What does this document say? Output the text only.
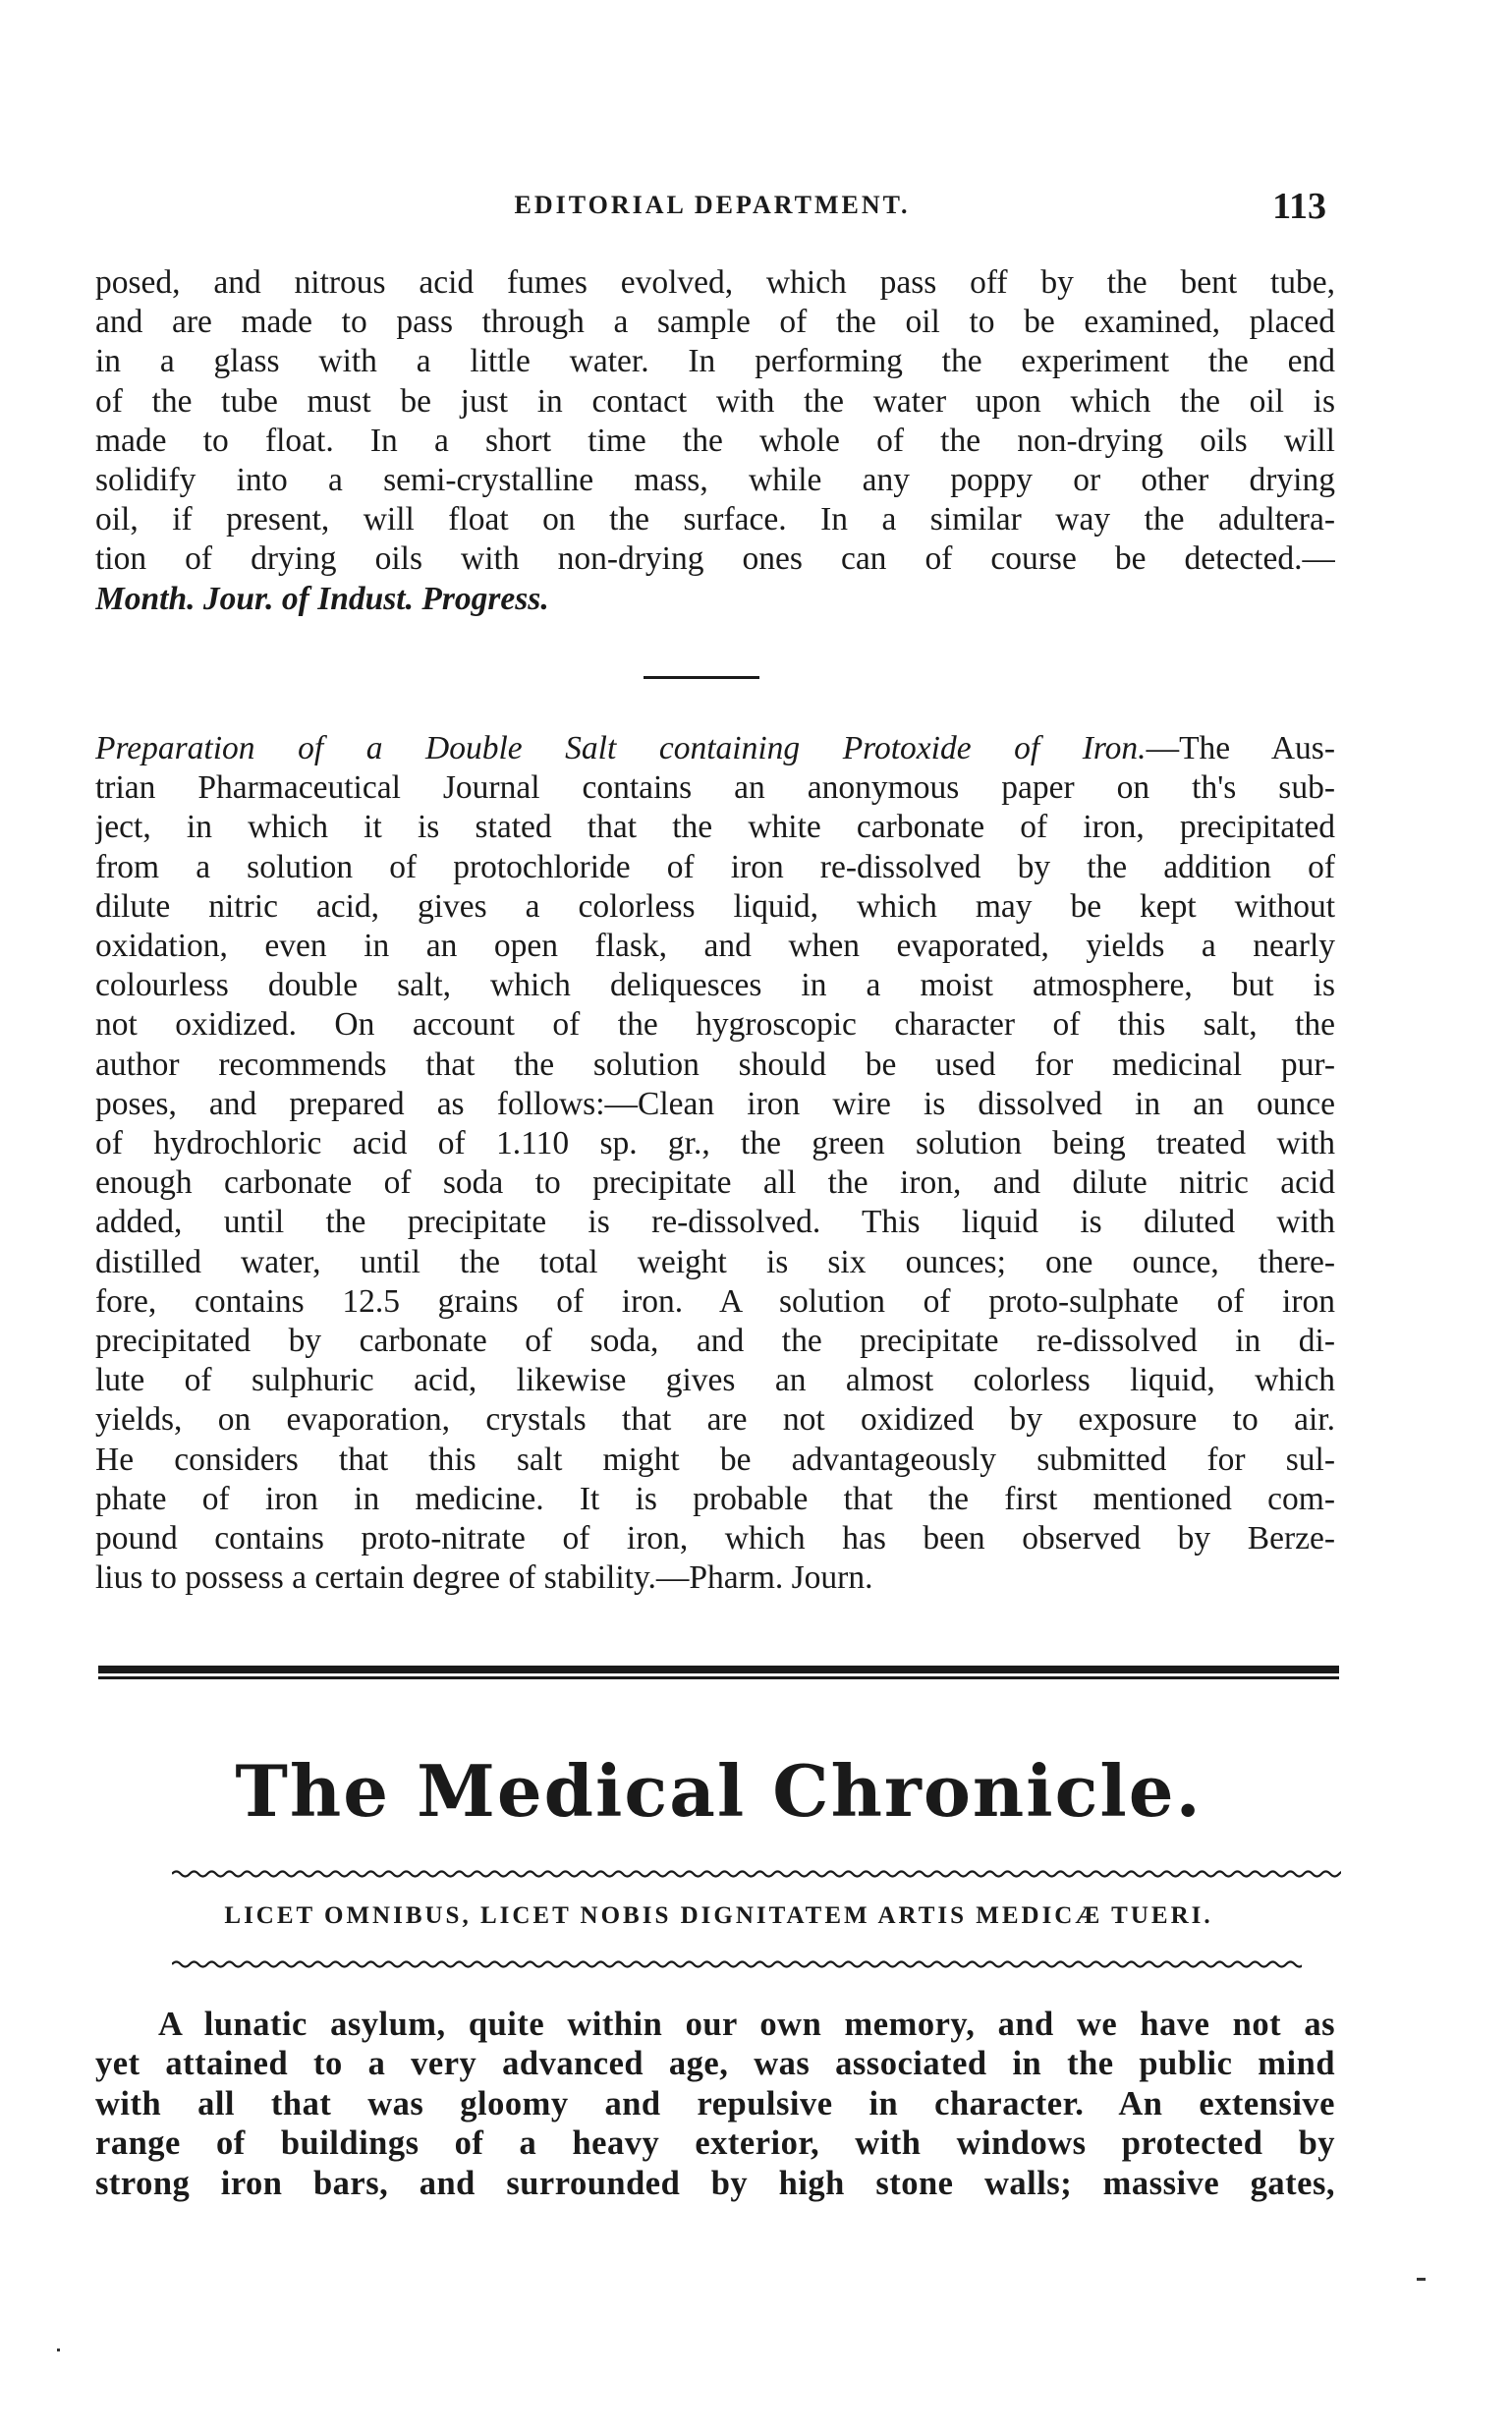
EDITORIAL DEPARTMENT.	113
posed, and nitrous acid fumes evolved, which pass off by the bent tube,
and are made to pass through a sample of the oil to be examined, placed
in a glass with a little water. In performing the experiment the end
of the tube must be just in contact with the water upon which the oil is
made to float. In a short time the whole of the non-drying oils will
solidify into a semi-crystalline mass, while any poppy or other drying
oil, if present, will float on the surface. In a similar way the adultera-
tion of drying oils with non-drying ones can of course be detected.—
Month. Jour. of Indust. Progress.
Preparation of a Double Salt containing Protoxide of Iron.—The Aus-
trian Pharmaceutical Journal contains an anonymous paper on th's sub-
ject, in which it is stated that the white carbonate of iron, precipitated
from a solution of protochloride of iron re-dissolved by the addition of
dilute nitric acid, gives a colorless liquid, which may be kept without
oxidation, even in an open flask, and when evaporated, yields a nearly
colourless double salt, which deliquesces in a moist atmosphere, but is
not oxidized. On account of the hygroscopic character of this salt, the
author recommends that the solution should be used for medicinal pur-
poses, and prepared as follows:—Clean iron wire is dissolved in an ounce
of hydrochloric acid of 1.110 sp. gr., the green solution being treated with
enough carbonate of soda to precipitate all the iron, and dilute nitric acid
added, until the precipitate is re-dissolved. This liquid is diluted with
distilled water, until the total weight is six ounces; one ounce, there-
fore, contains 12.5 grains of iron. A solution of proto-sulphate of iron
precipitated by carbonate of soda, and the precipitate re-dissolved in di-
lute of sulphuric acid, likewise gives an almost colorless liquid, which
yields, on evaporation, crystals that are not oxidized by exposure to air.
He considers that this salt might be advantageously submitted for sul-
phate of iron in medicine. It is probable that the first mentioned com-
pound contains proto-nitrate of iron, which has been observed by Berze-
lius to possess a certain degree of stability.—Pharm. Journ.
The Medical Chronicle.
LICET OMNIBUS, LICET NOBIS DIGNITATEM ARTIS MEDICÆ TUERI.
A lunatic asylum, quite within our own memory, and we have not as
yet attained to a very advanced age, was associated in the public mind
with all that was gloomy and repulsive in character. An extensive
range of buildings of a heavy exterior, with windows protected by
strong iron bars, and surrounded by high stone walls; massive gates,
